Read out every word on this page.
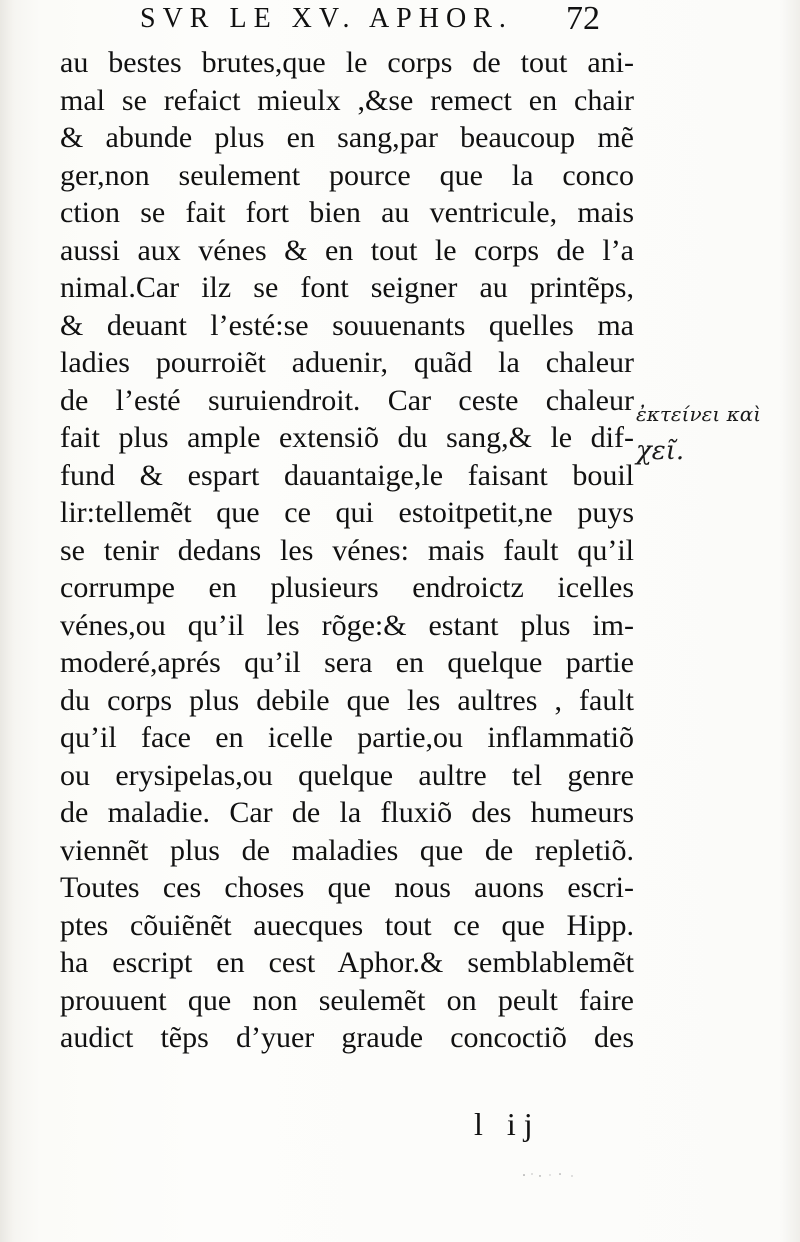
SVR LE XV. APHOR.	72
au bestes brutes,que le corps de tout ani-
mal se refaict mieulx ,&se remect en chair
& abunde plus en sang,par beaucoup mẽ
ger,non seulement pource que la conco
ction se fait fort bien au ventricule, mais
aussi aux vénes & en tout le corps de l’a
nimal.Car ilz se font seigner au printẽps,
& deuant l’esté:se souuenants quelles ma
ladies pourroiẽt aduenir, quãd la chaleur
de l’esté suruiendroit. Car ceste chaleur
fait plus ample extensiõ du sang,& le dif-
fund & espart dauantaige,le faisant bouil
lir:tellemẽt que ce qui estoitpetit,ne puys
se tenir dedans les vénes: mais fault qu’il
corrumpe en plusieurs endroictz icelles
vénes,ou qu’il les rõge:& estant plus im-
moderé,aprés qu’il sera en quelque partie
du corps plus debile que les aultres , fault
qu’il face en icelle partie,ou inflammatiõ
ou erysipelas,ou quelque aultre tel genre
de maladie. Car de la fluxiõ des humeurs
viennẽt plus de maladies que de repletiõ.
Toutes ces choses que nous auons escri-
ptes cõuiẽnẽt auecques tout ce que Hipp.
ha escript en cest Aphor.& semblablemẽt
prouuent que non seulemẽt on peult faire
audict tẽps d’yuer graude concoctiõ des
ἐκτείνει καὶ
χεῖ.
l ij
